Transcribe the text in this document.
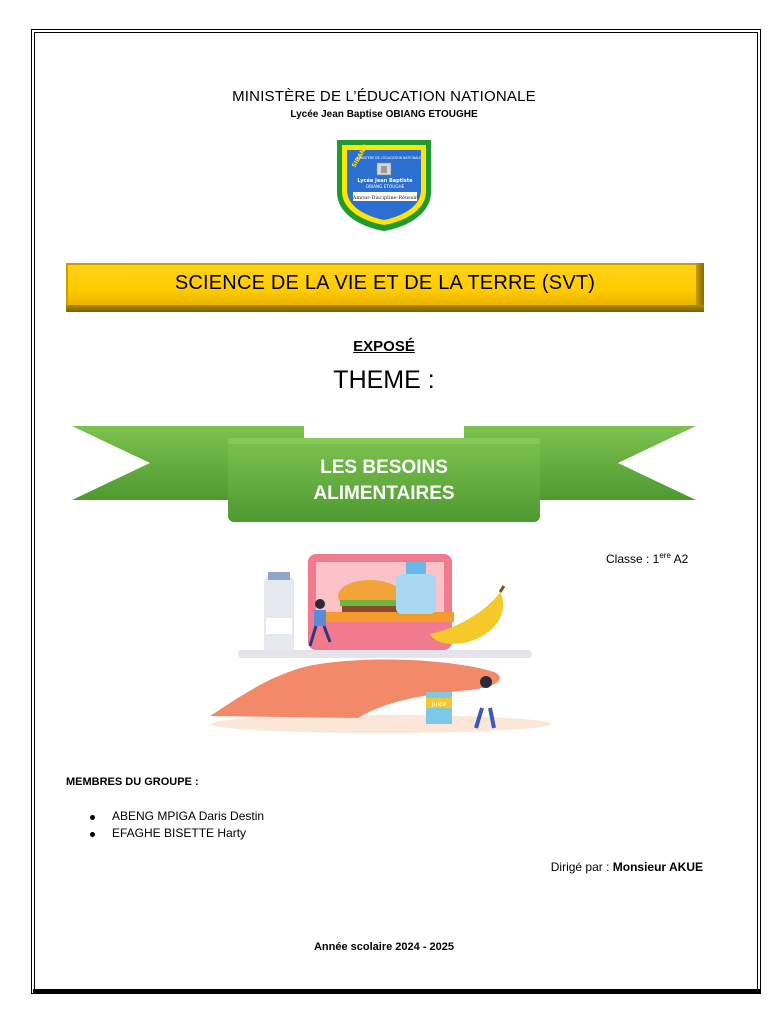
MINISTÈRE DE L’ÉDUCATION NATIONALE
Lycée Jean Baptise OBIANG ETOUGHE
SIBANG
MINISTERE DE L'EDUCATION NATIONALE
Lycée Jean Baptiste
OBIANG ETOUGHE
Amour-Discipline-Réussir
SCIENCE DE LA VIE ET DE LA TERRE (SVT)
EXPOSÉ
THEME :
LES BESOINS
ALIMENTAIRES
Juice
Classe : 1ere A2
MEMBRES DU GROUPE :
ABENG MPIGA Daris Destin
EFAGHE BISETTE Harty
Dirigé par : Monsieur AKUE
Année scolaire 2024 - 2025
